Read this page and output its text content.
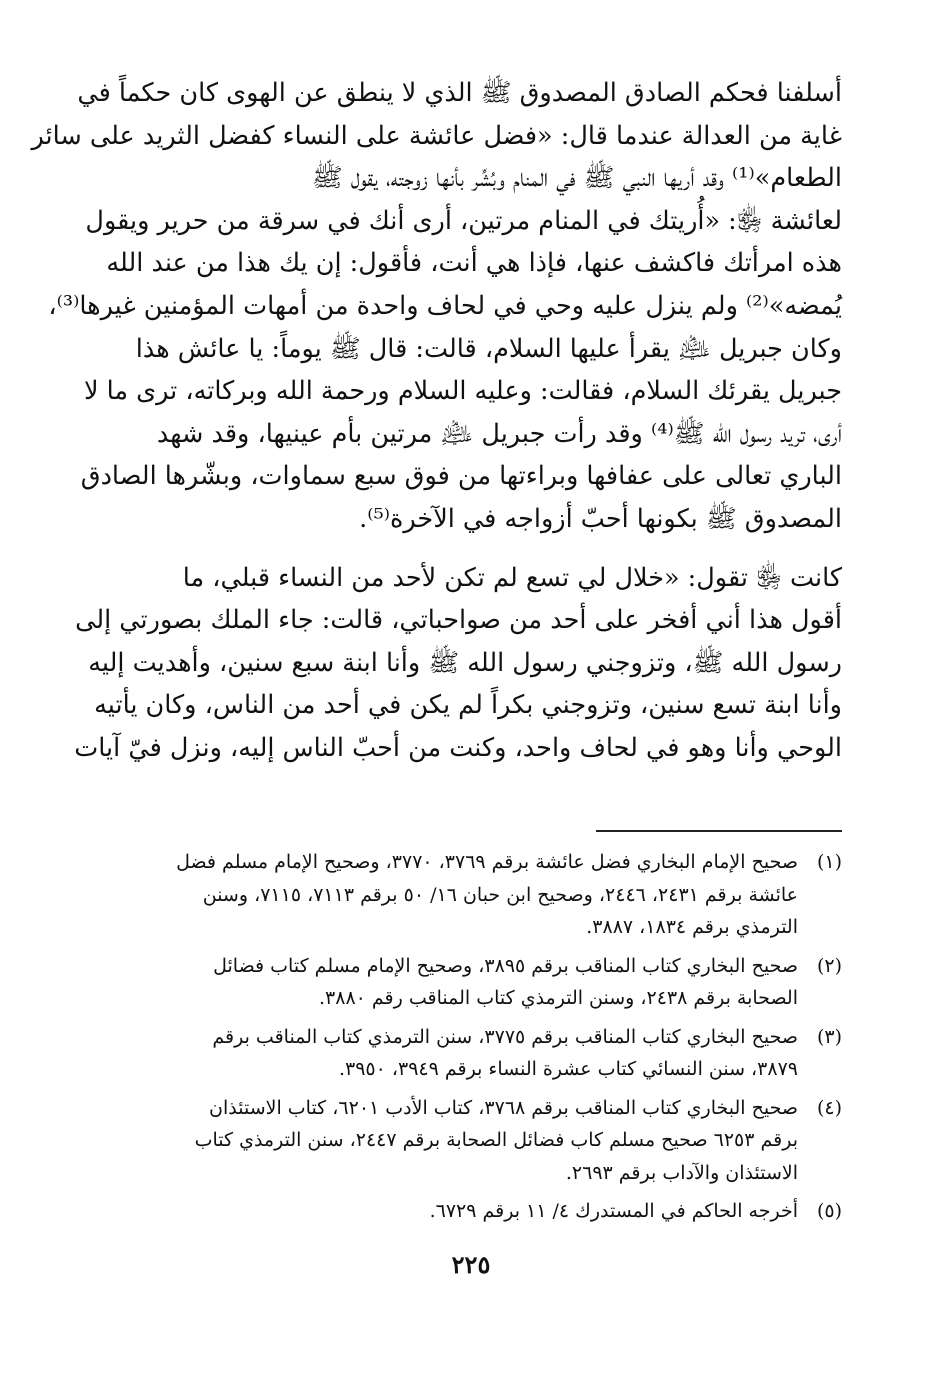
أسلفنا فحكم الصادق المصدوق ﷺ الذي لا ينطق عن الهوى كان حكماً في
غاية من العدالة عندما قال: «فضل عائشة على النساء كفضل الثريد على سائر
الطعام»⁽¹⁾ وقد أريها النبي ﷺ في المنام وبُشِّر بأنها زوجته، يقول ﷺ
لعائشة ﵂: «أُريتك في المنام مرتين، أرى أنك في سرقة من حرير ويقول
هذه امرأتك فاكشف عنها، فإذا هي أنت، فأقول: إن يك هذا من عند الله
يُمضه»⁽²⁾ ولم ينزل عليه وحي في لحاف واحدة من أمهات المؤمنين غيرها⁽³⁾،
وكان جبريل ﵇ يقرأ عليها السلام، قالت: قال ﷺ يوماً: يا عائش هذا
جبريل يقرئك السلام، فقالت: وعليه السلام ورحمة الله وبركاته، ترى ما لا
أرى، تريد رسول الله ﷺ⁽⁴⁾ وقد رأت جبريل ﵇ مرتين بأم عينيها، وقد شهد
الباري تعالى على عفافها وبراءتها من فوق سبع سماوات، وبشّرها الصادق
المصدوق ﷺ بكونها أحبّ أزواجه في الآخرة⁽⁵⁾.

كانت ﵂ تقول: «خلال لي تسع لم تكن لأحد من النساء قبلي، ما
أقول هذا أني أفخر على أحد من صواحباتي، قالت: جاء الملك بصورتي إلى
رسول الله ﷺ، وتزوجني رسول الله ﷺ وأنا ابنة سبع سنين، وأهديت إليه
وأنا ابنة تسع سنين، وتزوجني بكراً لم يكن في أحد من الناس، وكان يأتيه
الوحي وأنا وهو في لحاف واحد، وكنت من أحبّ الناس إليه، ونزل فيّ آيات

(١)
صحيح الإمام البخاري فضل عائشة برقم ٣٧٦٩، ٣٧٧٠، وصحيح الإمام مسلم فضل
عائشة برقم ٢٤٣١، ٢٤٤٦، وصحيح ابن حبان ١٦/ ٥٠ برقم ٧١١٣، ٧١١٥، وسنن
الترمذي برقم ١٨٣٤، ٣٨٨٧.
(٢)
صحيح البخاري كتاب المناقب برقم ٣٨٩٥، وصحيح الإمام مسلم كتاب فضائل
الصحابة برقم ٢٤٣٨، وسنن الترمذي كتاب المناقب رقم ٣٨٨٠.
(٣)
صحيح البخاري كتاب المناقب برقم ٣٧٧٥، سنن الترمذي كتاب المناقب برقم
٣٨٧٩، سنن النسائي كتاب عشرة النساء برقم ٣٩٤٩، ٣٩٥٠.
(٤)
صحيح البخاري كتاب المناقب برقم ٣٧٦٨، كتاب الأدب ٦٢٠١، كتاب الاستئذان
برقم ٦٢٥٣ صحيح مسلم كاب فضائل الصحابة برقم ٢٤٤٧، سنن الترمذي كتاب
الاستئذان والآداب برقم ٢٦٩٣.
(٥)
أخرجه الحاكم في المستدرك ٤/ ١١ برقم ٦٧٢٩.
٢٢٥
